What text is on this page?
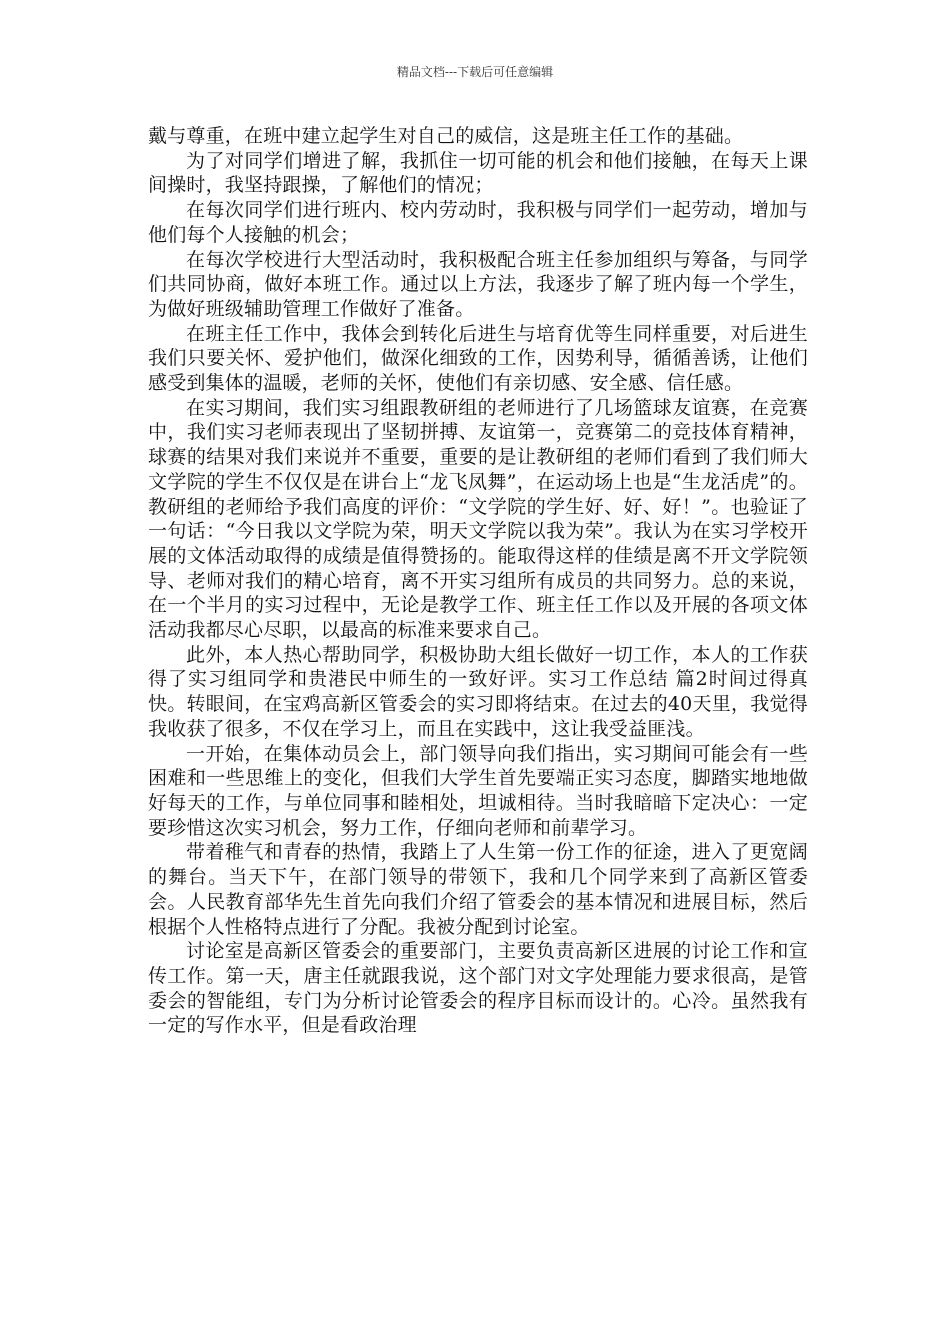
精品文档---下载后可任意编辑

戴与尊重，在班中建立起学生对自己的威信，这是班主任工作的基础。

为了对同学们增进了解，我抓住一切可能的机会和他们接触，在每天上课间操时，我坚持跟操，了解他们的情况；

在每次同学们进行班内、校内劳动时，我积极与同学们一起劳动，增加与他们每个人接触的机会；

在每次学校进行大型活动时，我积极配合班主任参加组织与筹备，与同学们共同协商，做好本班工作。通过以上方法，我逐步了解了班内每一个学生，为做好班级辅助管理工作做好了准备。

在班主任工作中，我体会到转化后进生与培育优等生同样重要，对后进生我们只要关怀、爱护他们，做深化细致的工作，因势利导，循循善诱，让他们感受到集体的温暖，老师的关怀，使他们有亲切感、安全感、信任感。

在实习期间，我们实习组跟教研组的老师进行了几场篮球友谊赛，在竞赛中，我们实习老师表现出了坚韧拼搏、友谊第一，竞赛第二的竞技体育精神，球赛的结果对我们来说并不重要，重要的是让教研组的老师们看到了我们师大文学院的学生不仅仅是在讲台上“龙飞凤舞”，在运动场上也是“生龙活虎”的。教研组的老师给予我们高度的评价：“文学院的学生好、好、好！”。也验证了一句话：“今日我以文学院为荣，明天文学院以我为荣”。我认为在实习学校开展的文体活动取得的成绩是值得赞扬的。能取得这样的佳绩是离不开文学院领导、老师对我们的精心培育，离不开实习组所有成员的共同努力。总的来说，在一个半月的实习过程中，无论是教学工作、班主任工作以及开展的各项文体活动我都尽心尽职，以最高的标准来要求自己。

此外，本人热心帮助同学，积极协助大组长做好一切工作，本人的工作获得了实习组同学和贵港民中师生的一致好评。实习工作总结 篇2时间过得真快。转眼间，在宝鸡高新区管委会的实习即将结束。在过去的40天里，我觉得我收获了很多，不仅在学习上，而且在实践中，这让我受益匪浅。

一开始，在集体动员会上，部门领导向我们指出，实习期间可能会有一些困难和一些思维上的变化，但我们大学生首先要端正实习态度，脚踏实地地做好每天的工作，与单位同事和睦相处，坦诚相待。当时我暗暗下定决心：一定要珍惜这次实习机会，努力工作，仔细向老师和前辈学习。

带着稚气和青春的热情，我踏上了人生第一份工作的征途，进入了更宽阔的舞台。当天下午，在部门领导的带领下，我和几个同学来到了高新区管委会。人民教育部华先生首先向我们介绍了管委会的基本情况和进展目标，然后根据个人性格特点进行了分配。我被分配到讨论室。

讨论室是高新区管委会的重要部门，主要负责高新区进展的讨论工作和宣传工作。第一天，唐主任就跟我说，这个部门对文字处理能力要求很高，是管委会的智能组，专门为分析讨论管委会的程序目标而设计的。心冷。虽然我有一定的写作水平，但是看政治理
